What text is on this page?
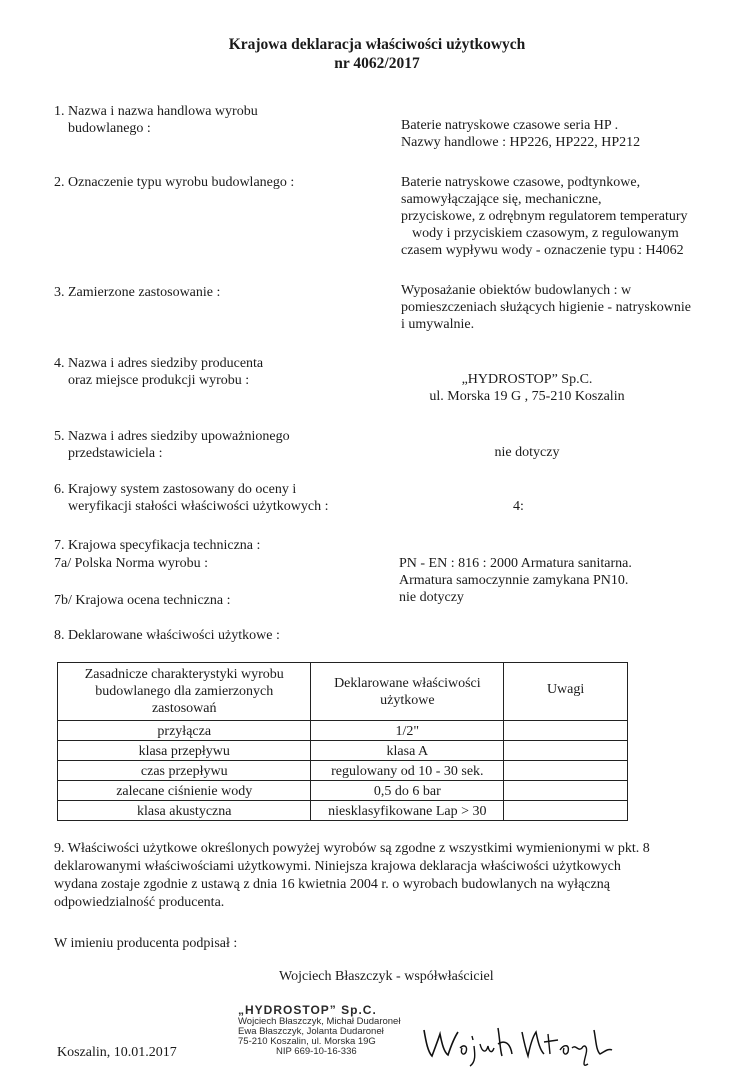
Krajowa deklaracja właściwości użytkowych
nr 4062/2017
1. Nazwa i nazwa handlowa wyrobu
budowlanego :	Baterie natryskowe czasowe seria HP .
Nazwy handlowe : HP226, HP222, HP212
2. Oznaczenie typu wyrobu budowlanego :	Baterie natryskowe czasowe, podtynkowe,
samowyłączające się, mechaniczne,
przyciskowe, z odrębnym regulatorem temperatury
wody i przyciskiem czasowym, z regulowanym
czasem wypływu wody - oznaczenie typu : H4062
3. Zamierzone zastosowanie :	Wyposażanie obiektów budowlanych : w
pomieszczeniach służących higienie - natryskownie
i umywalnie.
4. Nazwa i adres siedziby producenta
oraz miejsce produkcji wyrobu :	„HYDROSTOP” Sp.C.
ul. Morska 19 G , 75-210 Koszalin
5. Nazwa i adres siedziby upoważnionego
przedstawiciela :	nie dotyczy
6. Krajowy system zastosowany do oceny i
weryfikacji stałości właściwości użytkowych :	4:
7. Krajowa specyfikacja techniczna :
7a/ Polska Norma wyrobu :	PN - EN : 816 : 2000 Armatura sanitarna.
Armatura samoczynnie zamykana PN10.
7b/ Krajowa ocena techniczna :	nie dotyczy
8. Deklarowane właściwości użytkowe :
Zasadnicze charakterystyki wyrobu budowlanego dla zamierzonych zastosowań	Deklarowane właściwości użytkowe	Uwagi
przyłącza	1/2"	
klasa przepływu	klasa A	
czas przepływu	regulowany od 10 - 30 sek.	
zalecane ciśnienie wody	0,5 do 6 bar	
klasa akustyczna	niesklasyfikowane Lap > 30	
9. Właściwości użytkowe określonych powyżej wyrobów są zgodne z wszystkimi wymienionymi w pkt. 8
deklarowanymi właściwościami użytkowymi. Niniejsza krajowa deklaracja właściwości użytkowych
wydana zostaje zgodnie z ustawą z dnia 16 kwietnia 2004 r. o wyrobach budowlanych na wyłączną
odpowiedzialność producenta.
W imieniu producenta podpisał :
Wojciech Błaszczyk - współwłaściciel
Koszalin, 10.01.2017
„HYDROSTOP” Sp.C.
Wojciech Błaszczyk, Michał Dudaroneł
Ewa Błaszczyk, Jolanta Dudaroneł
75-210 Koszalin, ul. Morska 19G
NIP 669-10-16-336
